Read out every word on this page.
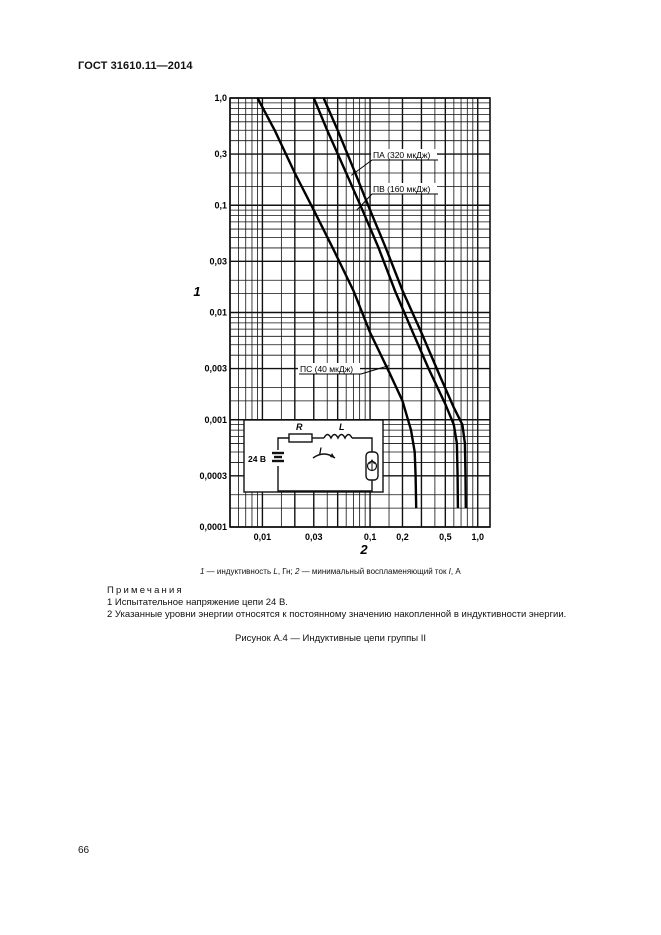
ГОСТ 31610.11—2014
0,01	0,03	0,1 0,2	0,5 1,0
1,0
0,3
0,1
0,03
0,01
0,003
0,001
0,0003
0,0001
2
1
ПА (320 мкДж)
ПВ (160 мкДж)
ПС (40 мкДж)
24 В
R	L
I
1 — индуктивность L, Гн; 2 — минимальный воспламеняющий ток I, А
Примечания
1 Испытательное напряжение цепи 24 В.
2 Указанные уровни энергии относятся к постоянному значению накопленной в индуктивности энергии.
Рисунок А.4 — Индуктивные цепи группы II
66
